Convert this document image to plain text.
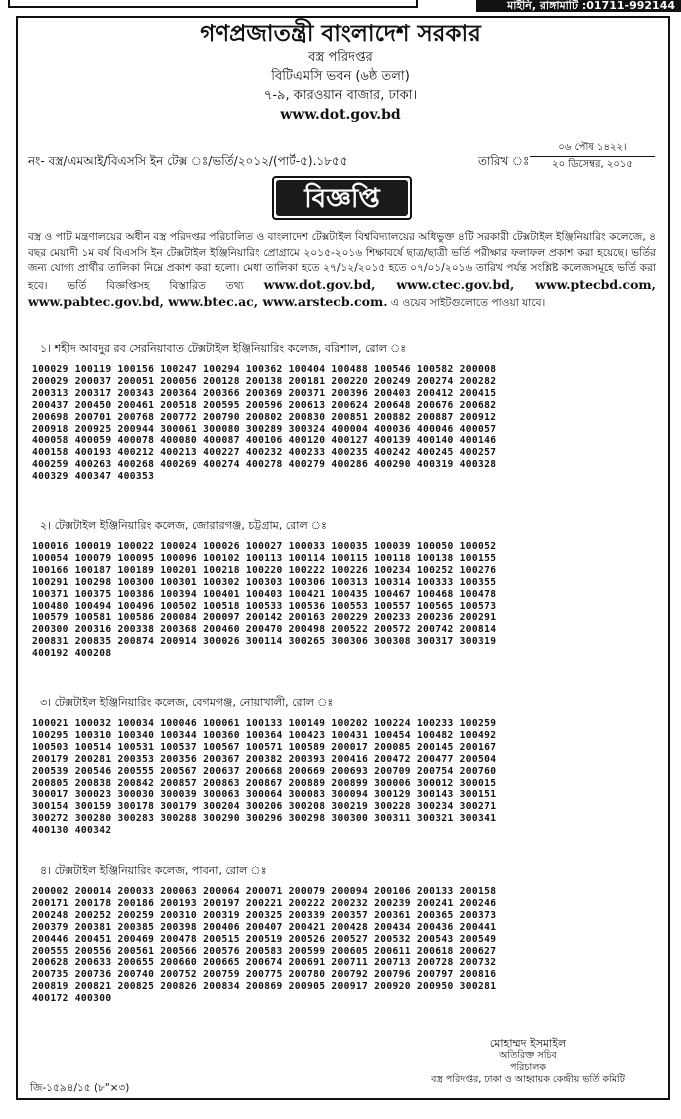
মাইনি, রাঙ্গামাটি :01711-992144
গণপ্রজাতন্ত্রী বাংলাদেশ সরকার
বস্ত্র পরিদপ্তর
বিটিএমসি ভবন (৬ষ্ঠ তলা)
৭-৯, কারওয়ান বাজার, ঢাকা।
www.dot.gov.bd
নং- বস্ত্র/এমআই/বিএসসি ইন টেক্স ঃ/ভর্তি/২০১২/(পার্ট-৫).১৮৫৫	তারিখ ঃ
০৬ পৌষ ১৪২২।
২০ ডিসেম্বর, ২০১৫
বিজ্ঞপ্তি
বস্ত্র ও পাট মন্ত্রণালয়ের অধীন বস্ত্র পরিদপ্তর পরিচালিত ও বাংলাদেশ টেক্সটাইল বিশ্ববিদ্যালয়ের অধিভুক্ত ৪টি সরকারী টেক্সটাইল ইঞ্জিনিয়ারিং কলেজে, ৪ বছর মেয়াদী ১ম বর্ষ বিএসসি ইন টেক্সটাইল ইঞ্জিনিয়ারিং প্রোগ্রামে ২০১৫-২০১৬ শিক্ষাবর্ষে ছাত্র/ছাত্রী ভর্তি পরীক্ষার ফলাফল প্রকাশ করা হয়েছে। ভর্তির জন্য যোগ্য প্রার্থীর তালিকা নিম্নে প্রকাশ করা হলো। মেধা তালিকা হতে ২৭/১২/২০১৫ হতে ০৭/০১/২০১৬ তারিখ পর্যন্ত সংশ্লিষ্ট কলেজসমূহে ভর্তি করা হবে। ভর্তি বিজ্ঞপ্তিসহ বিস্তারিত তথ্য www.dot.gov.bd, www.ctec.gov.bd, www.ptecbd.com, www.pabtec.gov.bd, www.btec.ac, www.arstecb.com. এ ওয়েব সাইটগুলোতে পাওয়া যাবে।
১। শহীদ আবদুর রব সেরনিয়াবাত টেক্সটাইল ইঞ্জিনিয়ারিং কলেজ, বরিশাল, রোল ঃ
100029 100119 100156 100247 100294 100362 100404 100488 100546 100582 200008
200029 200037 200051 200056 200128 200138 200181 200220 200249 200274 200282
200313 200317 200343 200364 200366 200369 200371 200396 200403 200412 200415
200437 200450 200461 200518 200595 200596 200613 200624 200648 200676 200682
200698 200701 200768 200772 200790 200802 200830 200851 200882 200887 200912
200918 200925 200944 300061 300080 300289 300324 400004 400036 400046 400057
400058 400059 400078 400080 400087 400106 400120 400127 400139 400140 400146
400158 400193 400212 400213 400227 400232 400233 400235 400242 400245 400257
400259 400263 400268 400269 400274 400278 400279 400286 400290 400319 400328
400329 400347 400353
২। টেক্সটাইল ইঞ্জিনিয়ারিং কলেজ, জোরারগঞ্জ, চট্টগ্রাম, রোল ঃ
100016 100019 100022 100024 100026 100027 100033 100035 100039 100050 100052
100054 100079 100095 100096 100102 100113 100114 100115 100118 100138 100155
100166 100187 100189 100201 100218 100220 100222 100226 100234 100252 100276
100291 100298 100300 100301 100302 100303 100306 100313 100314 100333 100355
100371 100375 100386 100394 100401 100403 100421 100435 100467 100468 100478
100480 100494 100496 100502 100518 100533 100536 100553 100557 100565 100573
100579 100581 100586 200084 200097 200142 200163 200229 200233 200236 200291
200300 200316 200338 200368 200460 200470 200498 200522 200572 200742 200814
200831 200835 200874 200914 300026 300114 300265 300306 300308 300317 300319
400192 400208
৩। টেক্সটাইল ইঞ্জিনিয়ারিং কলেজ, বেগমগঞ্জ, নোয়াখালী, রোল ঃ
100021 100032 100034 100046 100061 100133 100149 100202 100224 100233 100259
100295 100310 100340 100344 100360 100364 100423 100431 100454 100482 100492
100503 100514 100531 100537 100567 100571 100589 200017 200085 200145 200167
200179 200281 200353 200356 200367 200382 200393 200416 200472 200477 200504
200539 200546 200555 200567 200637 200668 200669 200693 200709 200754 200760
200805 200838 200842 200857 200863 200867 200889 200899 300006 300012 300015
300017 300023 300030 300039 300063 300064 300083 300094 300129 300143 300151
300154 300159 300178 300179 300204 300206 300208 300219 300228 300234 300271
300272 300280 300283 300288 300290 300296 300298 300300 300311 300321 300341
400130 400342
৪। টেক্সটাইল ইঞ্জিনিয়ারিং কলেজ, পাবনা, রোল ঃ
200002 200014 200033 200063 200064 200071 200079 200094 200106 200133 200158
200171 200178 200186 200193 200197 200221 200222 200232 200239 200241 200246
200248 200252 200259 200310 200319 200325 200339 200357 200361 200365 200373
200379 200381 200385 200398 200406 200407 200421 200428 200434 200436 200441
200446 200451 200469 200478 200515 200519 200526 200527 200532 200543 200549
200555 200556 200561 200566 200576 200583 200599 200605 200611 200618 200627
200628 200633 200655 200660 200665 200674 200691 200711 200713 200728 200732
200735 200736 200740 200752 200759 200775 200780 200792 200796 200797 200816
200819 200821 200825 200826 200834 200869 200905 200917 200920 200950 300281
400172 400300
মোহাম্মদ ইসমাইল
অতিরিক্ত সচিব
পরিচালক
বস্ত্র পরিদপ্তর, ঢাকা ও আহ্বায়ক কেন্দ্রীয় ভর্তি কমিটি
জি-১৫৯৪/১৫ (৮"×৩)
